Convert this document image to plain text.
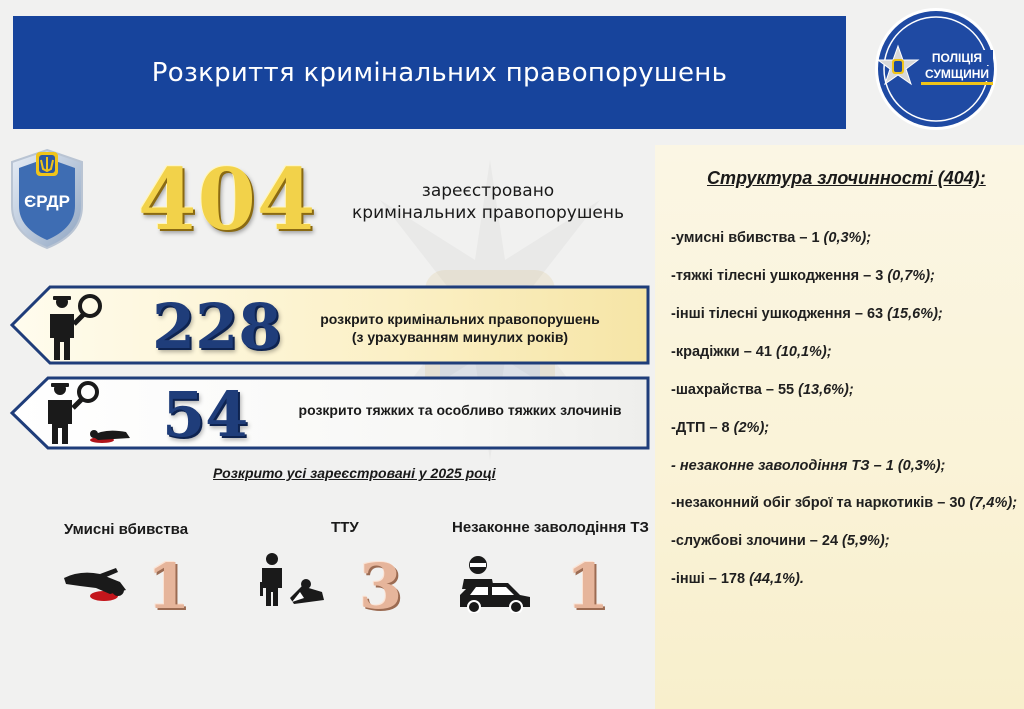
Розкриття кримінальних правопорушень	ПОЛІЦІЯ
СУМЩИНИ
Структура злочинності (404):
-умисні вбивства – 1 (0,3%);
-тяжкі тілесні ушкодження – 3 (0,7%);
-інші тілесні ушкодження – 63 (15,6%);
-крадіжки – 41 (10,1%);
-шахрайства – 55 (13,6%);
-ДТП – 8 (2%);
- незаконне заволодіння ТЗ – 1 (0,3%);
-незаконний обіг зброї та наркотиків – 30 (7,4%);
-службові злочини – 24 (5,9%);
-інші – 178 (44,1%).
ЄРДР 404	зареєстровано
кримінальних правопорушень
228	розкрито кримінальних правопорушень
(з урахуванням минулих років)
54	розкрито тяжких та особливо тяжких злочинів
Розкрито усі зареєстровані у 2025 році
Умисні вбивства	ТТУ	Незаконне заволодіння ТЗ
1	3	1
